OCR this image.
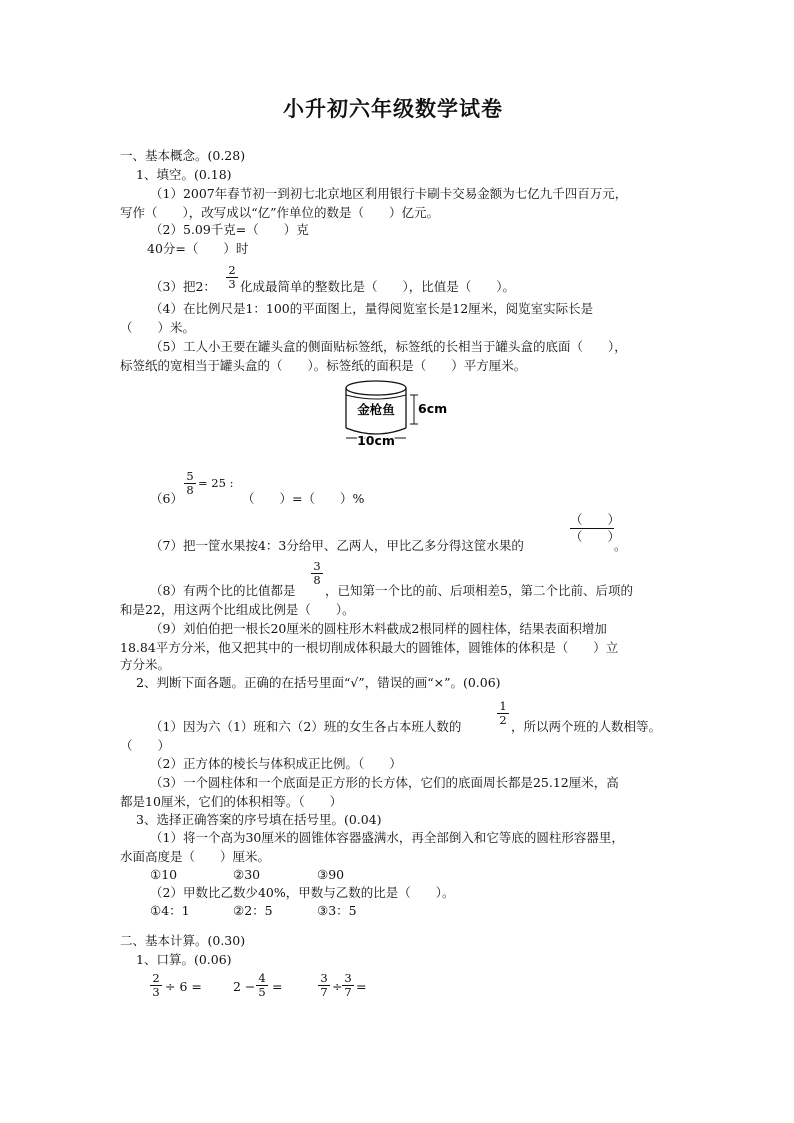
小升初六年级数学试卷
一、基本概念。(0.28)
1、填空。(0.18)
（1）2007年春节初一到初七北京地区利用银行卡刷卡交易金额为七亿九千四百万元，
写作（　　），改写成以“亿”作单位的数是（　　）亿元。
（2）5.09千克=（　　）克
40分=（　　）时
（3）把2： $\frac{2}{3}$ 化成最简单的整数比是（　　），比值是（　　）。
（4）在比例尺是1：100的平面图上，量得阅览室长是12厘米，阅览室实际长是
（　　）米。
（5）工人小王要在罐头盒的侧面贴标签纸，标签纸的长相当于罐头盒的底面（　　），
标签纸的宽相当于罐头盒的（　　）。标签纸的面积是（　　）平方厘米。
金枪鱼 6cm
10cm
$\frac{5}{8} = 25$ :
（6）	（　　）=（　　）%
（7）把一筐水果按4：3分给甲、乙两人，甲比乙多分得这筐水果的
（　　）
（　　）
。
$\frac{3}{8}$
（8）有两个比的比值都是 ，已知第一个比的前、后项相差5，第二个比前、后项的
和是22，用这两个比组成比例是（　　）。
（9）刘伯伯把一根长20厘米的圆柱形木料截成2根同样的圆柱体，结果表面积增加
18.84平方分米，他又把其中的一根切削成体积最大的圆锥体，圆锥体的体积是（　　）立
方分米。
2、判断下面各题。正确的在括号里面“√”，错误的画“×”。(0.06)
$\frac{1}{2}$
（1）因为六（1）班和六（2）班的女生各占本班人数的	，所以两个班的人数相等。
（　　）
（2）正方体的棱长与体积成正比例。（　　）
（3）一个圆柱体和一个底面是正方形的长方体，它们的底面周长都是25.12厘米，高
都是10厘米，它们的体积相等。（　　）
3、选择正确答案的序号填在括号里。(0.04)
（1）将一个高为30厘米的圆锥体容器盛满水，再全部倒入和它等底的圆柱形容器里，
水面高度是（　　）厘米。
①10	②30	③90
（2）甲数比乙数少40%，甲数与乙数的比是（　　）。
①4：1	②2：5	③3：5
二、基本计算。(0.30)
1、口算。(0.06)
$\frac{2}{3} \div 6 = 2 - \frac{4}{5}$ =	$\frac{3}{7} \div \frac{3}{7}$ =
